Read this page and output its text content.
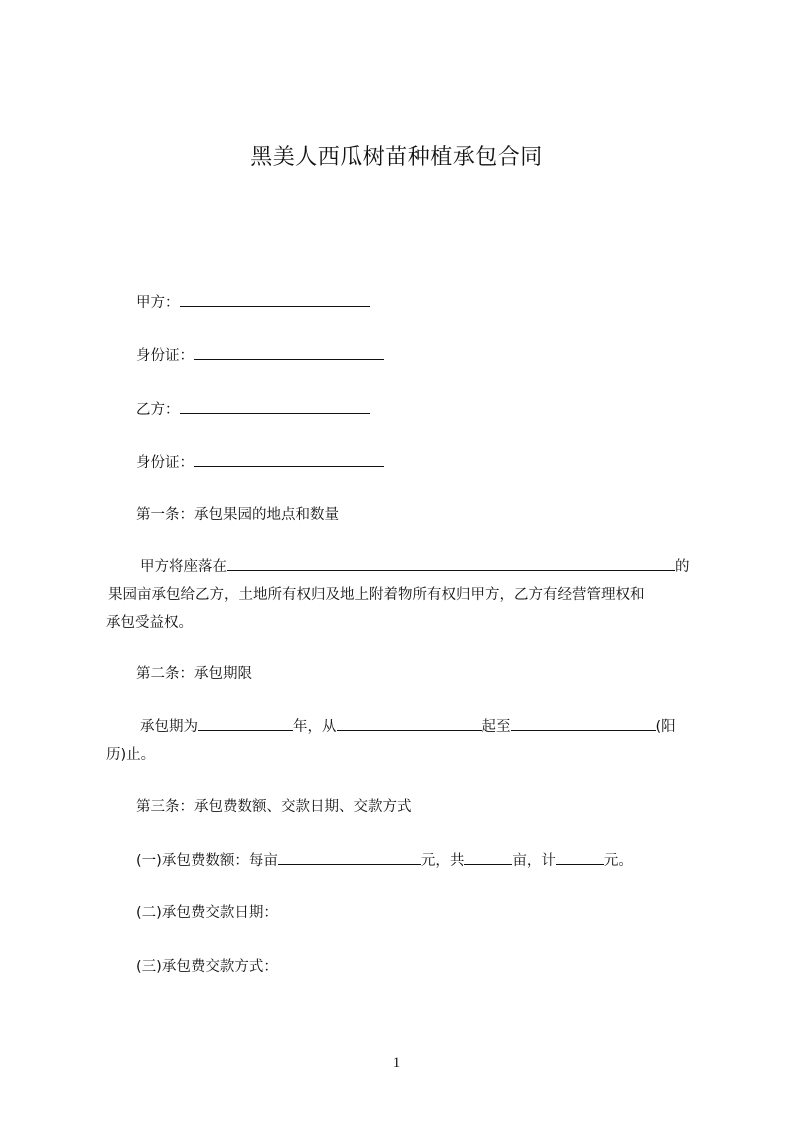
黑美人西瓜树苗种植承包合同
甲方：
身份证：
乙方：
身份证：
第一条：承包果园的地点和数量
甲方将座落在	的
果园亩承包给乙方，土地所有权归及地上附着物所有权归甲方，乙方有经营管理权和
承包受益权。
第二条：承包期限
承包期为	年，从	起至	(阳
历)止。
第三条：承包费数额、交款日期、交款方式
(一)承包费数额：每亩	元，共	亩，计	元。
(二)承包费交款日期：
(三)承包费交款方式：
1
